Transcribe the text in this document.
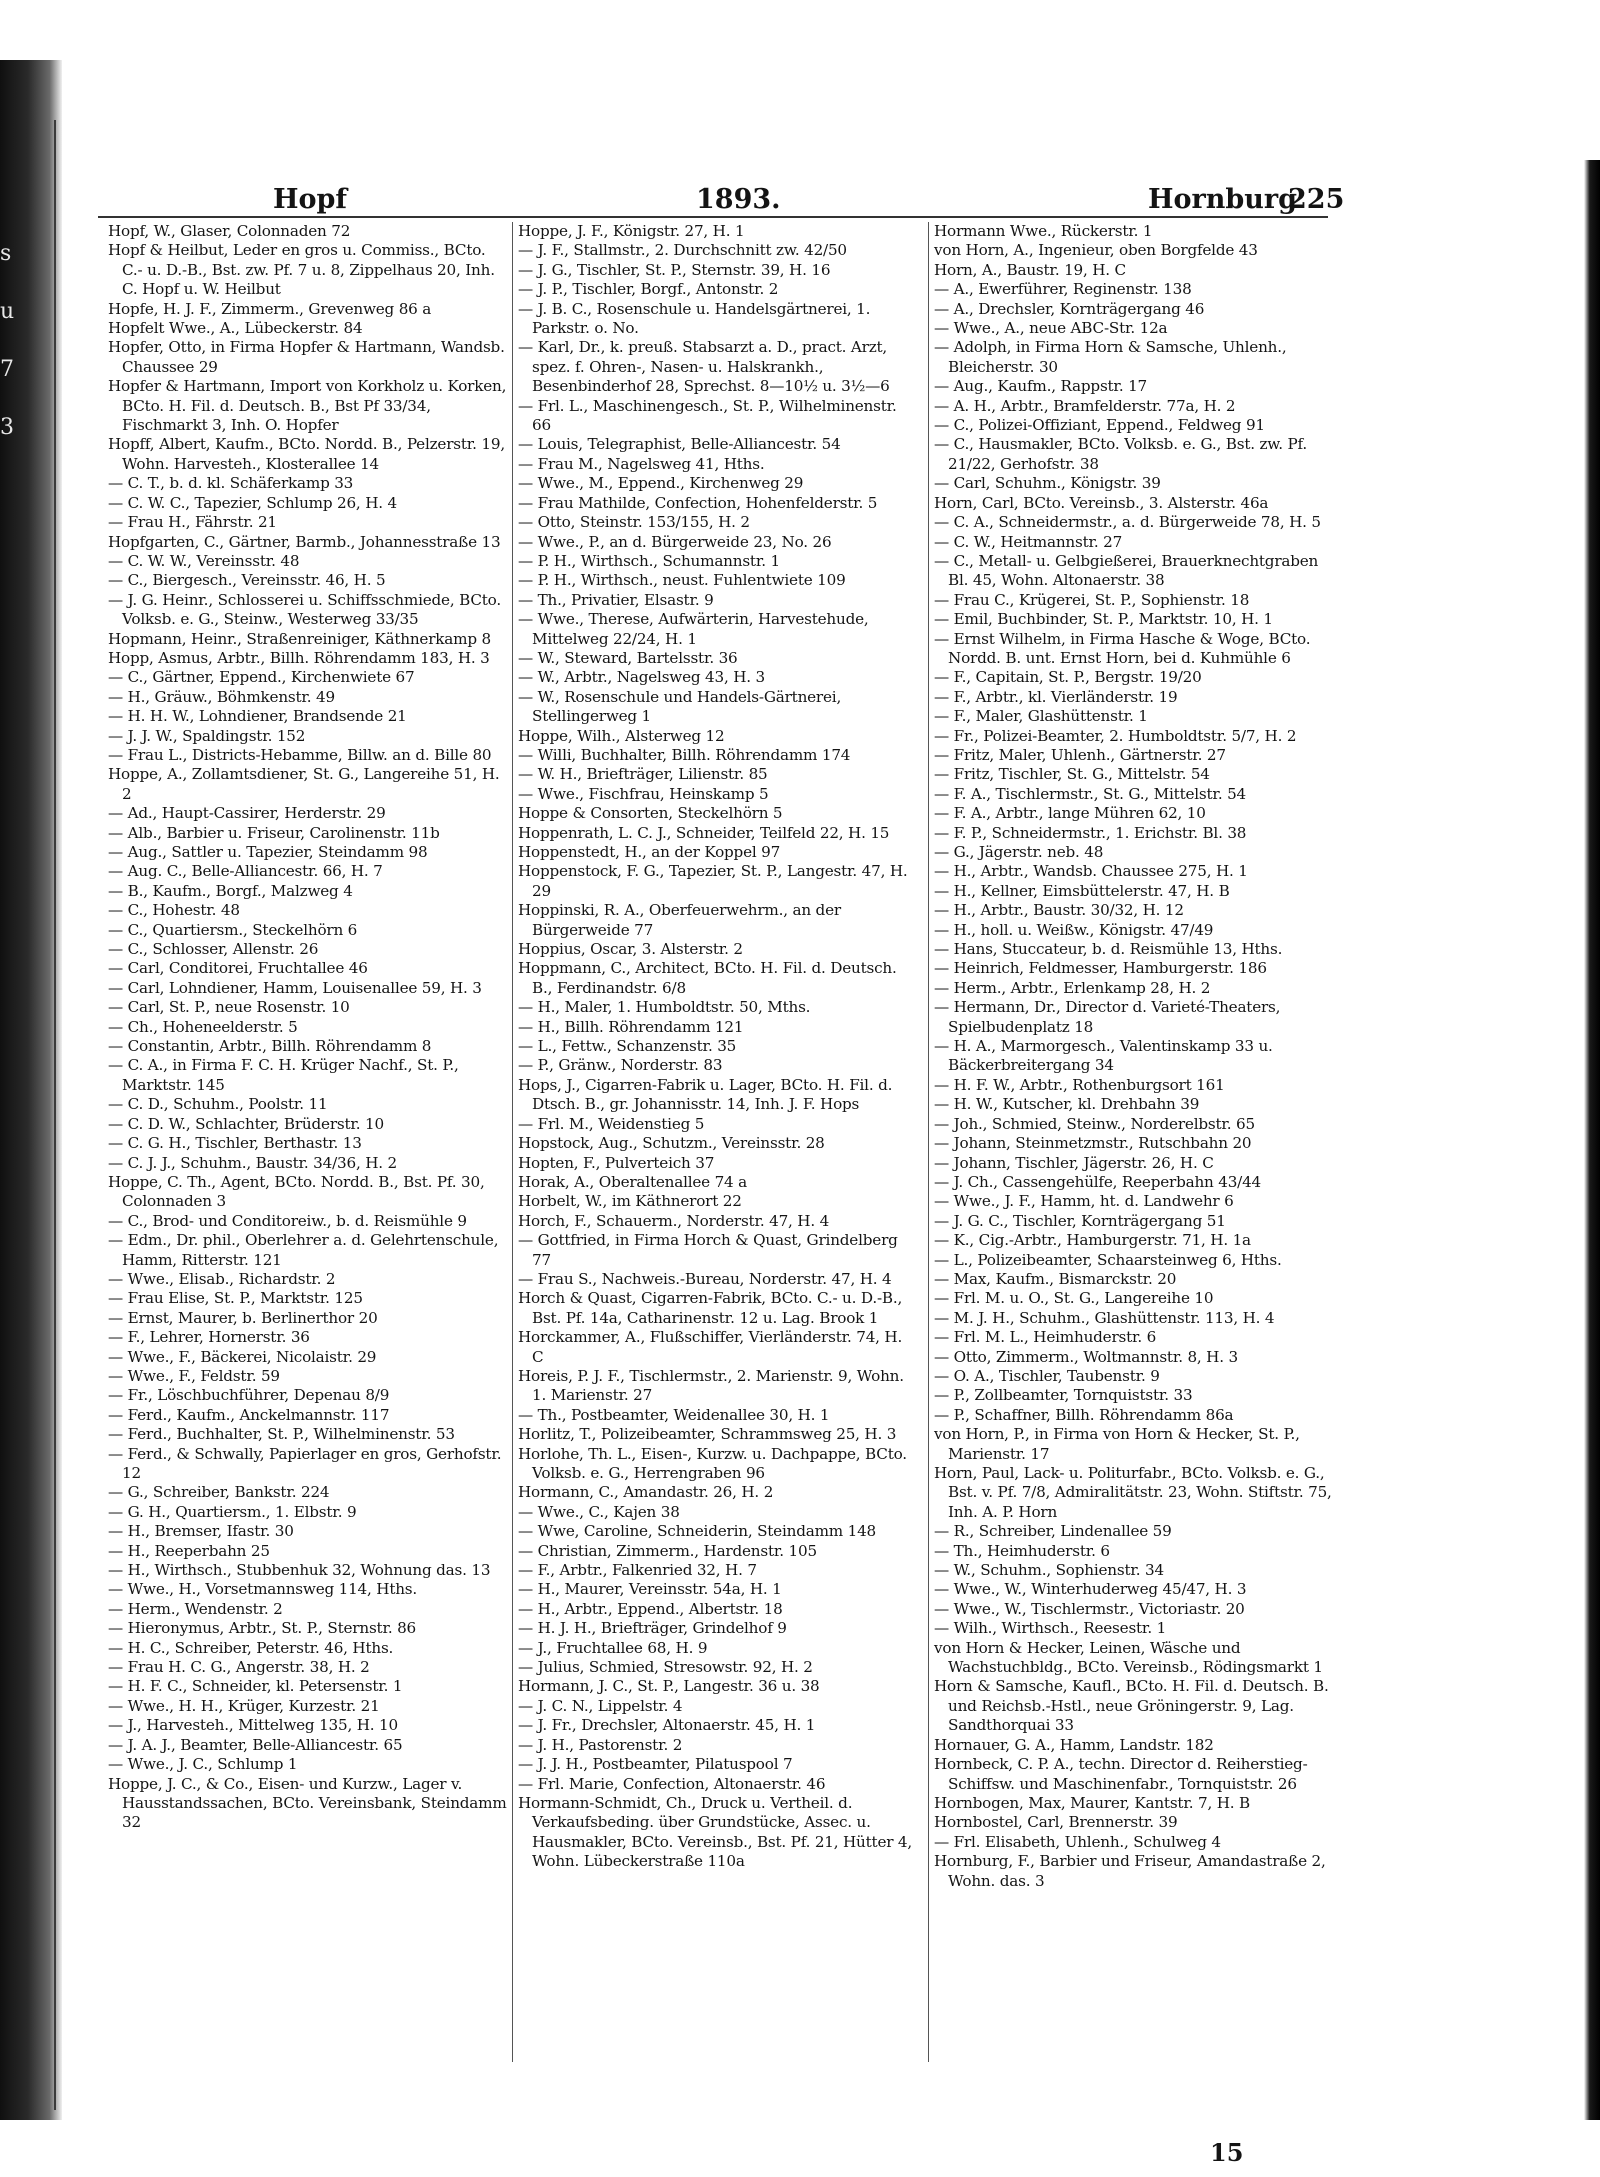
s
u
7
3
Hopf	1893.	Hornburg
225

Hopf, W., Glaser, Colonnaden 72

Hopf & Heilbut, Leder en gros u. Commiss., BCto. C.- u. D.-B., Bst. zw. Pf. 7 u. 8, Zippelhaus 20, Inh. C. Hopf u. W. Heilbut

Hopfe, H. J. F., Zimmerm., Grevenweg 86 a

Hopfelt Wwe., A., Lübeckerstr. 84

Hopfer, Otto, in Firma Hopfer & Hartmann, Wandsb. Chaussee 29

Hopfer & Hartmann, Import von Korkholz u. Korken, BCto. H. Fil. d. Deutsch. B., Bst Pf 33/34, Fischmarkt 3, Inh. O. Hopfer

Hopff, Albert, Kaufm., BCto. Nordd. B., Pelzerstr. 19, Wohn. Harvesteh., Klosterallee 14

— C. T., b. d. kl. Schäferkamp 33

— C. W. C., Tapezier, Schlump 26, H. 4

— Frau H., Fährstr. 21

Hopfgarten, C., Gärtner, Barmb., Johannesstraße 13

— C. W. W., Vereinsstr. 48

— C., Biergesch., Vereinsstr. 46, H. 5

— J. G. Heinr., Schlosserei u. Schiffsschmiede, BCto. Volksb. e. G., Steinw., Westerweg 33/35

Hopmann, Heinr., Straßenreiniger, Käthnerkamp 8

Hopp, Asmus, Arbtr., Billh. Röhrendamm 183, H. 3

— C., Gärtner, Eppend., Kirchenwiete 67

— H., Gräuw., Böhmkenstr. 49

— H. H. W., Lohndiener, Brandsende 21

— J. J. W., Spaldingstr. 152

— Frau L., Districts-Hebamme, Billw. an d. Bille 80

Hoppe, A., Zollamtsdiener, St. G., Langereihe 51, H. 2

— Ad., Haupt-Cassirer, Herderstr. 29

— Alb., Barbier u. Friseur, Carolinenstr. 11b

— Aug., Sattler u. Tapezier, Steindamm 98

— Aug. C., Belle-Alliancestr. 66, H. 7

— B., Kaufm., Borgf., Malzweg 4

— C., Hohestr. 48

— C., Quartiersm., Steckelhörn 6

— C., Schlosser, Allenstr. 26

— Carl, Conditorei, Fruchtallee 46

— Carl, Lohndiener, Hamm, Louisenallee 59, H. 3

— Carl, St. P., neue Rosenstr. 10

— Ch., Hoheneelderstr. 5

— Constantin, Arbtr., Billh. Röhrendamm 8

— C. A., in Firma F. C. H. Krüger Nachf., St. P., Marktstr. 145

— C. D., Schuhm., Poolstr. 11

— C. D. W., Schlachter, Brüderstr. 10

— C. G. H., Tischler, Berthastr. 13

— C. J. J., Schuhm., Baustr. 34/36, H. 2

Hoppe, C. Th., Agent, BCto. Nordd. B., Bst. Pf. 30, Colonnaden 3

— C., Brod- und Conditoreiw., b. d. Reismühle 9

— Edm., Dr. phil., Oberlehrer a. d. Gelehrtenschule, Hamm, Ritterstr. 121

— Wwe., Elisab., Richardstr. 2

— Frau Elise, St. P., Marktstr. 125

— Ernst, Maurer, b. Berlinerthor 20

— F., Lehrer, Hornerstr. 36

— Wwe., F., Bäckerei, Nicolaistr. 29

— Wwe., F., Feldstr. 59

— Fr., Löschbuchführer, Depenau 8/9

— Ferd., Kaufm., Anckelmannstr. 117

— Ferd., Buchhalter, St. P., Wilhelminenstr. 53

— Ferd., & Schwally, Papierlager en gros, Gerhofstr. 12

— G., Schreiber, Bankstr. 224

— G. H., Quartiersm., 1. Elbstr. 9

— H., Bremser, Ifastr. 30

— H., Reeperbahn 25

— H., Wirthsch., Stubbenhuk 32, Wohnung das. 13

— Wwe., H., Vorsetmannsweg 114, Hths.

— Herm., Wendenstr. 2

— Hieronymus, Arbtr., St. P., Sternstr. 86

— H. C., Schreiber, Peterstr. 46, Hths.

— Frau H. C. G., Angerstr. 38, H. 2

— H. F. C., Schneider, kl. Petersenstr. 1

— Wwe., H. H., Krüger, Kurzestr. 21

— J., Harvesteh., Mittelweg 135, H. 10

— J. A. J., Beamter, Belle-Alliancestr. 65

— Wwe., J. C., Schlump 1

Hoppe, J. C., & Co., Eisen- und Kurzw., Lager v. Hausstandssachen, BCto. Vereinsbank, Steindamm 32

Hoppe, J. F., Königstr. 27, H. 1

— J. F., Stallmstr., 2. Durchschnitt zw. 42/50

— J. G., Tischler, St. P., Sternstr. 39, H. 16

— J. P., Tischler, Borgf., Antonstr. 2

— J. B. C., Rosenschule u. Handelsgärtnerei, 1. Parkstr. o. No.

— Karl, Dr., k. preuß. Stabsarzt a. D., pract. Arzt, spez. f. Ohren-, Nasen- u. Halskrankh., Besenbinderhof 28, Sprechst. 8—10½ u. 3½—6

— Frl. L., Maschinengesch., St. P., Wilhelminenstr. 66

— Louis, Telegraphist, Belle-Alliancestr. 54

— Frau M., Nagelsweg 41, Hths.

— Wwe., M., Eppend., Kirchenweg 29

— Frau Mathilde, Confection, Hohenfelderstr. 5

— Otto, Steinstr. 153/155, H. 2

— Wwe., P., an d. Bürgerweide 23, No. 26

— P. H., Wirthsch., Schumannstr. 1

— P. H., Wirthsch., neust. Fuhlentwiete 109

— Th., Privatier, Elsastr. 9

— Wwe., Therese, Aufwärterin, Harvestehude, Mittelweg 22/24, H. 1

— W., Steward, Bartelsstr. 36

— W., Arbtr., Nagelsweg 43, H. 3

— W., Rosenschule und Handels-Gärtnerei, Stellingerweg 1

Hoppe, Wilh., Alsterweg 12

— Willi, Buchhalter, Billh. Röhrendamm 174

— W. H., Briefträger, Lilienstr. 85

— Wwe., Fischfrau, Heinskamp 5

Hoppe & Consorten, Steckelhörn 5

Hoppenrath, L. C. J., Schneider, Teilfeld 22, H. 15

Hoppenstedt, H., an der Koppel 97

Hoppenstock, F. G., Tapezier, St. P., Langestr. 47, H. 29

Hoppinski, R. A., Oberfeuerwehrm., an der Bürgerweide 77

Hoppius, Oscar, 3. Alsterstr. 2

Hoppmann, C., Architect, BCto. H. Fil. d. Deutsch. B., Ferdinandstr. 6/8

— H., Maler, 1. Humboldtstr. 50, Mths.

— H., Billh. Röhrendamm 121

— L., Fettw., Schanzenstr. 35

— P., Gränw., Norderstr. 83

Hops, J., Cigarren-Fabrik u. Lager, BCto. H. Fil. d. Dtsch. B., gr. Johannisstr. 14, Inh. J. F. Hops

— Frl. M., Weidenstieg 5

Hopstock, Aug., Schutzm., Vereinsstr. 28

Hopten, F., Pulverteich 37

Horak, A., Oberaltenallee 74 a

Horbelt, W., im Käthnerort 22

Horch, F., Schauerm., Norderstr. 47, H. 4

— Gottfried, in Firma Horch & Quast, Grindelberg 77

— Frau S., Nachweis.-Bureau, Norderstr. 47, H. 4

Horch & Quast, Cigarren-Fabrik, BCto. C.- u. D.-B., Bst. Pf. 14a, Catharinenstr. 12 u. Lag. Brook 1

Horckammer, A., Flußschiffer, Vierländerstr. 74, H. C

Horeis, P. J. F., Tischlermstr., 2. Marienstr. 9, Wohn. 1. Marienstr. 27

— Th., Postbeamter, Weidenallee 30, H. 1

Horlitz, T., Polizeibeamter, Schrammsweg 25, H. 3

Horlohe, Th. L., Eisen-, Kurzw. u. Dachpappe, BCto. Volksb. e. G., Herrengraben 96

Hormann, C., Amandastr. 26, H. 2

— Wwe., C., Kajen 38

— Wwe, Caroline, Schneiderin, Steindamm 148

— Christian, Zimmerm., Hardenstr. 105

— F., Arbtr., Falkenried 32, H. 7

— H., Maurer, Vereinsstr. 54a, H. 1

— H., Arbtr., Eppend., Albertstr. 18

— H. J. H., Briefträger, Grindelhof 9

— J., Fruchtallee 68, H. 9

— Julius, Schmied, Stresowstr. 92, H. 2

Hormann, J. C., St. P., Langestr. 36 u. 38

— J. C. N., Lippelstr. 4

— J. Fr., Drechsler, Altonaerstr. 45, H. 1

— J. H., Pastorenstr. 2

— J. J. H., Postbeamter, Pilatuspool 7

— Frl. Marie, Confection, Altonaerstr. 46

Hormann-Schmidt, Ch., Druck u. Vertheil. d. Verkaufsbeding. über Grundstücke, Assec. u. Hausmakler, BCto. Vereinsb., Bst. Pf. 21, Hütter 4, Wohn. Lübeckerstraße 110a

Hormann Wwe., Rückerstr. 1

von Horn, A., Ingenieur, oben Borgfelde 43

Horn, A., Baustr. 19, H. C

— A., Ewerführer, Reginenstr. 138

— A., Drechsler, Kornträgergang 46

— Wwe., A., neue ABC-Str. 12a

— Adolph, in Firma Horn & Samsche, Uhlenh., Bleicherstr. 30

— Aug., Kaufm., Rappstr. 17

— A. H., Arbtr., Bramfelderstr. 77a, H. 2

— C., Polizei-Offiziant, Eppend., Feldweg 91

— C., Hausmakler, BCto. Volksb. e. G., Bst. zw. Pf. 21/22, Gerhofstr. 38

— Carl, Schuhm., Königstr. 39

Horn, Carl, BCto. Vereinsb., 3. Alsterstr. 46a

— C. A., Schneidermstr., a. d. Bürgerweide 78, H. 5

— C. W., Heitmannstr. 27

— C., Metall- u. Gelbgießerei, Brauerknechtgraben Bl. 45, Wohn. Altonaerstr. 38

— Frau C., Krügerei, St. P., Sophienstr. 18

— Emil, Buchbinder, St. P., Marktstr. 10, H. 1

— Ernst Wilhelm, in Firma Hasche & Woge, BCto. Nordd. B. unt. Ernst Horn, bei d. Kuhmühle 6

— F., Capitain, St. P., Bergstr. 19/20

— F., Arbtr., kl. Vierländerstr. 19

— F., Maler, Glashüttenstr. 1

— Fr., Polizei-Beamter, 2. Humboldtstr. 5/7, H. 2

— Fritz, Maler, Uhlenh., Gärtnerstr. 27

— Fritz, Tischler, St. G., Mittelstr. 54

— F. A., Tischlermstr., St. G., Mittelstr. 54

— F. A., Arbtr., lange Mühren 62, 10

— F. P., Schneidermstr., 1. Erichstr. Bl. 38

— G., Jägerstr. neb. 48

— H., Arbtr., Wandsb. Chaussee 275, H. 1

— H., Kellner, Eimsbüttelerstr. 47, H. B

— H., Arbtr., Baustr. 30/32, H. 12

— H., holl. u. Weißw., Königstr. 47/49

— Hans, Stuccateur, b. d. Reismühle 13, Hths.

— Heinrich, Feldmesser, Hamburgerstr. 186

— Herm., Arbtr., Erlenkamp 28, H. 2

— Hermann, Dr., Director d. Varieté-Theaters, Spielbudenplatz 18

— H. A., Marmorgesch., Valentinskamp 33 u. Bäckerbreitergang 34

— H. F. W., Arbtr., Rothenburgsort 161

— H. W., Kutscher, kl. Drehbahn 39

— Joh., Schmied, Steinw., Norderelbstr. 65

— Johann, Steinmetzmstr., Rutschbahn 20

— Johann, Tischler, Jägerstr. 26, H. C

— J. Ch., Cassengehülfe, Reeperbahn 43/44

— Wwe., J. F., Hamm, ht. d. Landwehr 6

— J. G. C., Tischler, Kornträgergang 51

— K., Cig.-Arbtr., Hamburgerstr. 71, H. 1a

— L., Polizeibeamter, Schaarsteinweg 6, Hths.

— Max, Kaufm., Bismarckstr. 20

— Frl. M. u. O., St. G., Langereihe 10

— M. J. H., Schuhm., Glashüttenstr. 113, H. 4

— Frl. M. L., Heimhuderstr. 6

— Otto, Zimmerm., Woltmannstr. 8, H. 3

— O. A., Tischler, Taubenstr. 9

— P., Zollbeamter, Tornquiststr. 33

— P., Schaffner, Billh. Röhrendamm 86a

von Horn, P., in Firma von Horn & Hecker, St. P., Marienstr. 17

Horn, Paul, Lack- u. Politurfabr., BCto. Volksb. e. G., Bst. v. Pf. 7/8, Admiralitätstr. 23, Wohn. Stiftstr. 75, Inh. A. P. Horn

— R., Schreiber, Lindenallee 59

— Th., Heimhuderstr. 6

— W., Schuhm., Sophienstr. 34

— Wwe., W., Winterhuderweg 45/47, H. 3

— Wwe., W., Tischlermstr., Victoriastr. 20

— Wilh., Wirthsch., Reesestr. 1

von Horn & Hecker, Leinen, Wäsche und Wachstuchbldg., BCto. Vereinsb., Rödingsmarkt 1

Horn & Samsche, Kaufl., BCto. H. Fil. d. Deutsch. B. und Reichsb.-Hstl., neue Gröningerstr. 9, Lag. Sandthorquai 33

Hornauer, G. A., Hamm, Landstr. 182

Hornbeck, C. P. A., techn. Director d. Reiherstieg-Schiffsw. und Maschinenfabr., Tornquiststr. 26

Hornbogen, Max, Maurer, Kantstr. 7, H. B

Hornbostel, Carl, Brennerstr. 39

— Frl. Elisabeth, Uhlenh., Schulweg 4

Hornburg, F., Barbier und Friseur, Amandastraße 2, Wohn. das. 3

15
